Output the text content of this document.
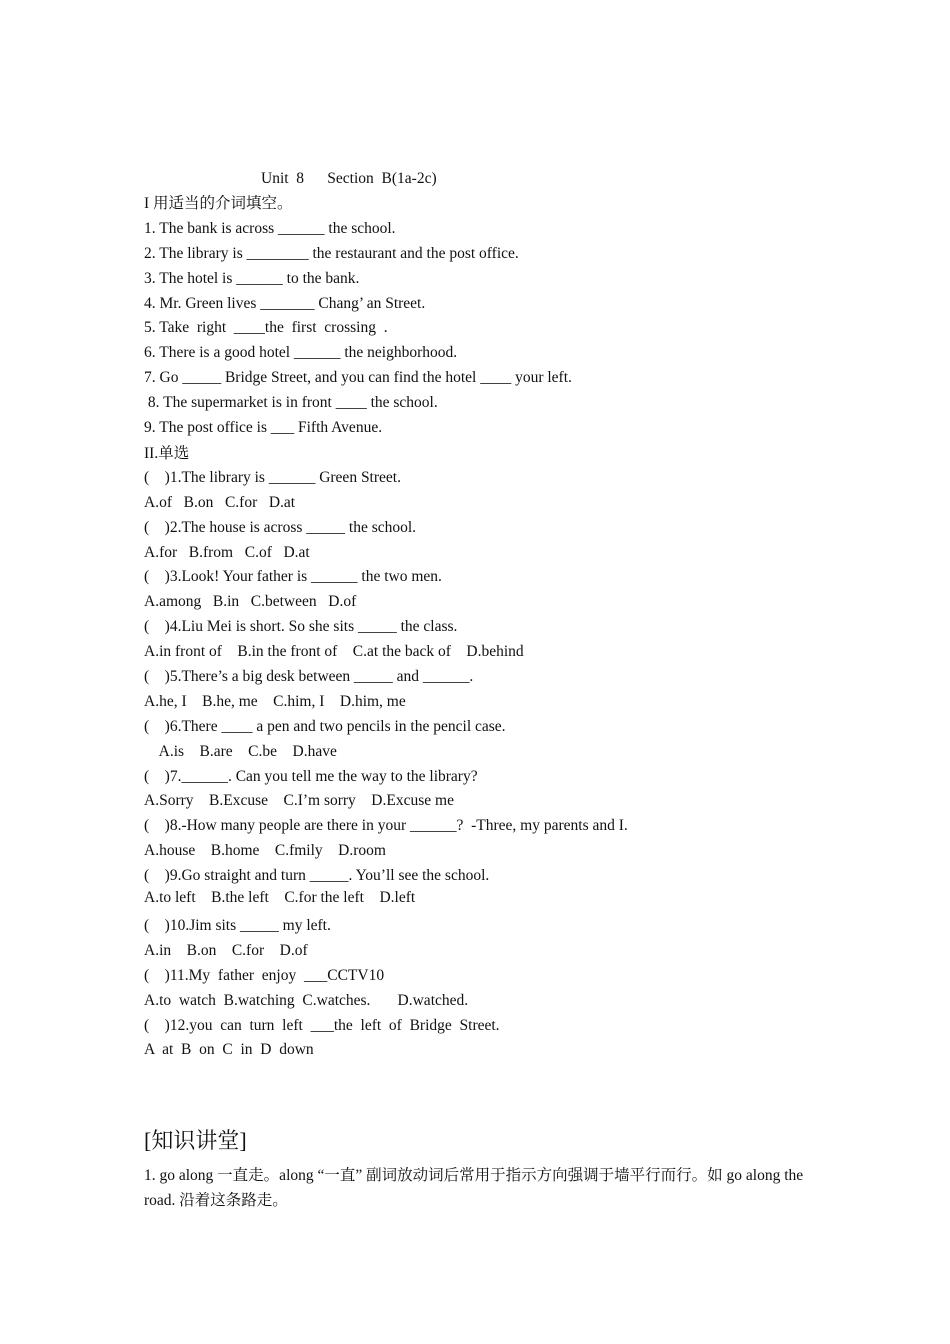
Unit  8      Section  B(1a-2c)
I 用适当的介词填空。
1. The bank is across ______ the school.
2. The library is ________ the restaurant and the post office.
3. The hotel is ______ to the bank.
4. Mr. Green lives _______ Chang’ an Street.
5. Take  right  ____the  first  crossing  .
6. There is a good hotel ______ the neighborhood.
7. Go _____ Bridge Street, and you can find the hotel ____ your left.
8. The supermarket is in front ____ the school.
9. The post office is ___ Fifth Avenue.
II.单选
(    )1.The library is ______ Green Street.
A.of   B.on   C.for   D.at
(    )2.The house is across _____ the school.
A.for   B.from   C.of   D.at
(    )3.Look! Your father is ______ the two men.
A.among   B.in   C.between   D.of
(    )4.Liu Mei is short. So she sits _____ the class.
A.in front of    B.in the front of    C.at the back of    D.behind
(    )5.There’s a big desk between _____ and ______.
A.he, I    B.he, me    C.him, I    D.him, me
(    )6.There ____ a pen and two pencils in the pencil case.
A.is    B.are    C.be    D.have
(    )7.______. Can you tell me the way to the library?
A.Sorry    B.Excuse    C.I’m sorry    D.Excuse me
(    )8.-How many people are there in your ______?  -Three, my parents and I.
A.house    B.home    C.fmily    D.room
(    )9.Go straight and turn _____. You’ll see the school.
A.to left    B.the left    C.for the left    D.left
(    )10.Jim sits _____ my left.
A.in    B.on    C.for    D.of
(    )11.My  father  enjoy  ___CCTV10
A.to  watch  B.watching  C.watches.       D.watched.
(    )12.you  can  turn  left  ___the  left  of  Bridge  Street.
A  at  B  on  C  in  D  down
[知识讲堂]
1. go along 一直走。along “一直” 副词放动词后常用于指示方向强调于墙平行而行。如 go along the road. 沿着这条路走。
